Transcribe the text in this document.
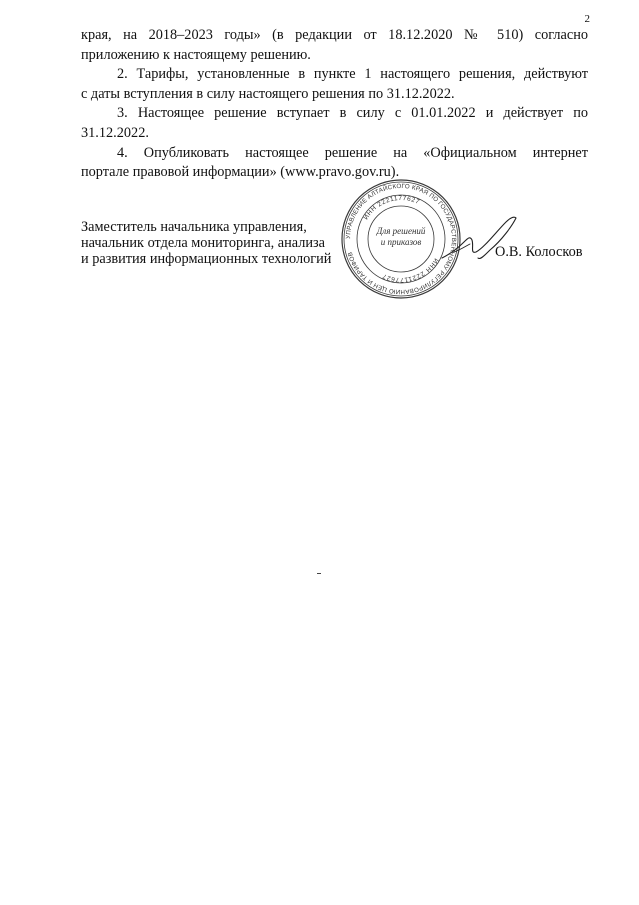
2

края, на 2018–2023 годы» (в редакции от 18.12.2020 № 510) согласно
приложению к настоящему решению.

2. Тарифы, установленные в пункте 1 настоящего решения, действуют
с даты вступления в силу настоящего решения по 31.12.2022.

3. Настоящее решение вступает в силу с 01.01.2022 и действует по
31.12.2022.

4. Опубликовать настоящее решение на «Официальном интернет
портале правовой информации» (www.pravo.gov.ru).

Заместитель начальника управления,
начальник отдела мониторинга, анализа
и развития информационных технологий
УПРАВЛЕНИЕ АЛТАЙСКОГО КРАЯ ПО ГОСУДАРСТВЕННОМУ РЕГУЛИРОВАНИЮ ЦЕН И ТАРИФОВ
ИНН 2221177627
ИНН 2221177627
Для решений
и приказов
О.В. Колосков
